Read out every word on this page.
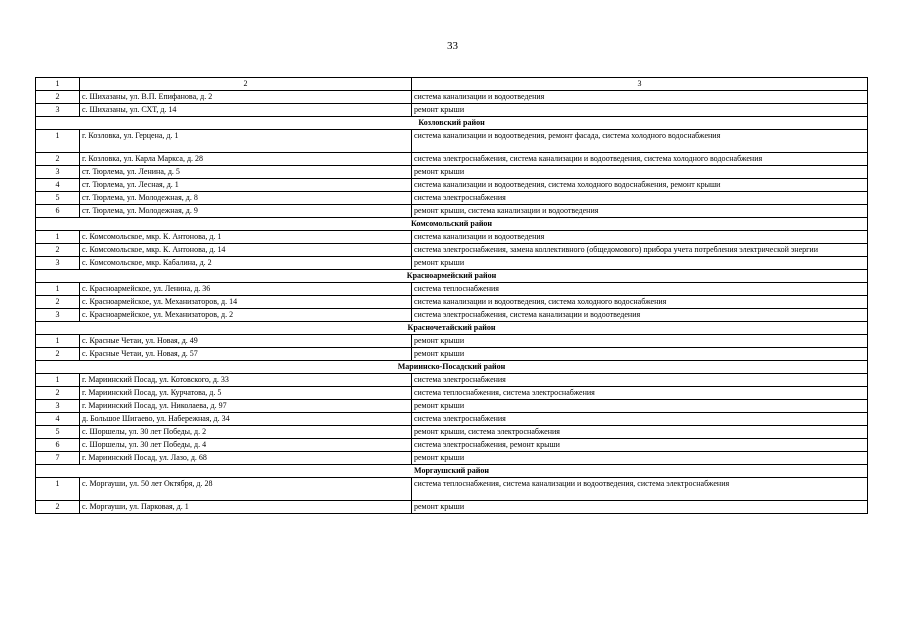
33
1	2	3
2	с. Шихазаны, ул. В.П. Епифанова, д. 2	система канализации и водоотведения
3	с. Шихазаны, ул. СХТ, д. 14	ремонт крыши
Козловский район		
1	г. Козловка, ул. Герцена, д. 1	система канализации и водоотведения, ремонт фасада, система холодного водоснабжения
2	г. Козловка, ул. Карла Маркса, д. 28	система электроснабжения, система канализации и водоотведения, система холодного водоснабжения
3	ст. Тюрлема, ул. Ленина, д. 5	ремонт крыши
4	ст. Тюрлема, ул. Лесная, д. 1	система канализации и водоотведения, система холодного водоснабжения, ремонт крыши
5	ст. Тюрлема, ул. Молодежная, д. 8	система электроснабжения
6	ст. Тюрлема, ул. Молодежная, д. 9	ремонт крыши, система канализации и водоотведения
Комсомольский район		
1	с. Комсомольское, мкр. К. Антонова, д. 1	система канализации и водоотведения
2	с. Комсомольское, мкр. К. Антонова, д. 14	система электроснабжения, замена коллективного (общедомового) прибора учета потребления электрической энергии
3	с. Комсомольское, мкр. Кабалина, д. 2	ремонт крыши
Красноармейский район		
1	с. Красноармейское, ул. Ленина, д. 36	система теплоснабжения
2	с. Красноармейское, ул. Механизаторов, д. 14	система канализации и водоотведения, система холодного водоснабжения
3	с. Красноармейское, ул. Механизаторов, д. 2	система электроснабжения, система канализации и водоотведения
Красночетайский район		
1	с. Красные Четаи, ул. Новая, д. 49	ремонт крыши
2	с. Красные Четаи, ул. Новая, д. 57	ремонт крыши
Мариинско-Посадский район		
1	г. Мариинский Посад, ул. Котовского, д. 33	система электроснабжения
2	г. Мариинский Посад, ул. Курчатова, д. 5	система теплоснабжения, система электроснабжения
3	г. Мариинский Посад, ул. Николаева, д. 97	ремонт крыши
4	д. Большое Шигаево, ул. Набережная, д. 34	система электроснабжения
5	с. Шоршелы, ул. 30 лет Победы, д. 2	ремонт крыши, система электроснабжения
6	с. Шоршелы, ул. 30 лет Победы, д. 4	система электроснабжения, ремонт крыши
7	г. Мариинский Посад, ул. Лазо, д. 68	ремонт крыши
Моргаушский район		
1	с. Моргауши, ул. 50 лет Октября, д. 28	система теплоснабжения, система канализации и водоотведения, система электроснабжения
2	с. Моргауши, ул. Парковая, д. 1	ремонт крыши
